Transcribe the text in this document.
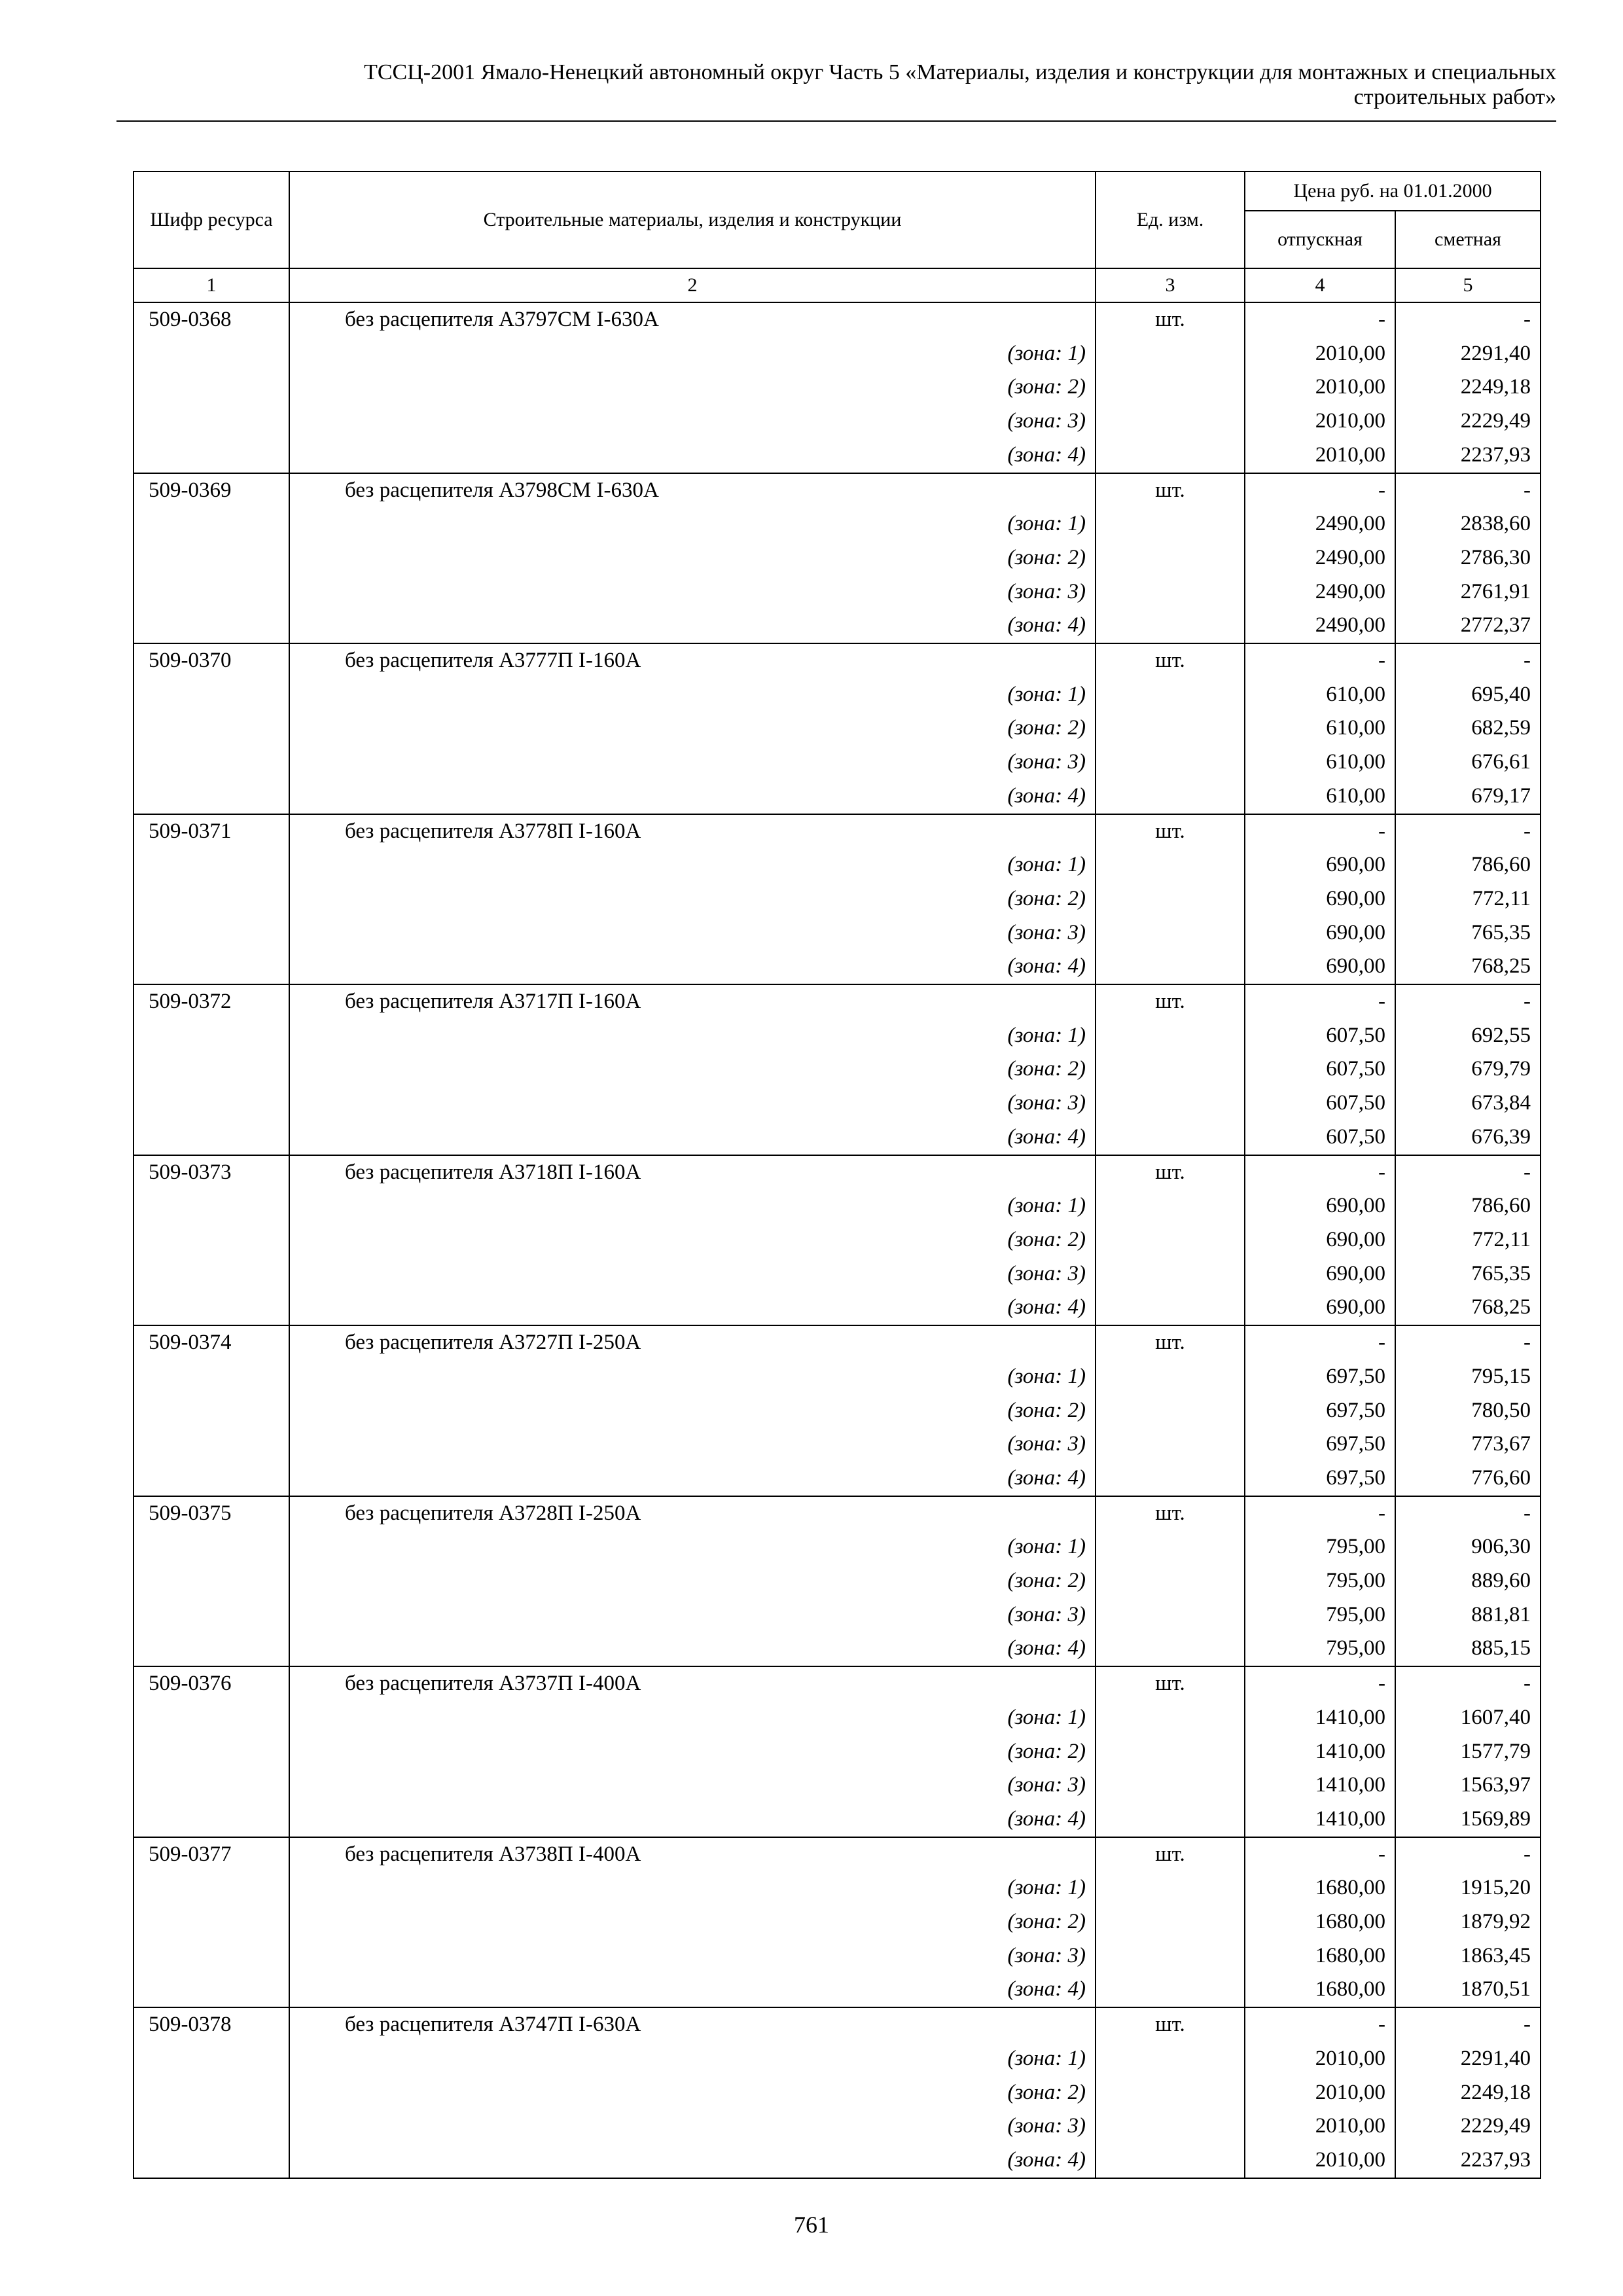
ТССЦ-2001 Ямало-Ненецкий автономный округ Часть 5 «Материалы, изделия и конструкции для монтажных и специальных
строительных работ»
Шифр ресурса	Строительные материалы, изделия и конструкции	Ед. изм.	Цена руб. на 01.01.2000	
			отпускная	сметная
1	2	3	4	5
509-0368	без расцепителя А3797СМ I-630А	шт.	-	-
	(зона: 1)		2010,00	2291,40
	(зона: 2)		2010,00	2249,18
	(зона: 3)		2010,00	2229,49
	(зона: 4)		2010,00	2237,93
509-0369	без расцепителя А3798СМ I-630А	шт.	-	-
	(зона: 1)		2490,00	2838,60
	(зона: 2)		2490,00	2786,30
	(зона: 3)		2490,00	2761,91
	(зона: 4)		2490,00	2772,37
509-0370	без расцепителя А3777П I-160А	шт.	-	-
	(зона: 1)		610,00	695,40
	(зона: 2)		610,00	682,59
	(зона: 3)		610,00	676,61
	(зона: 4)		610,00	679,17
509-0371	без расцепителя А3778П I-160А	шт.	-	-
	(зона: 1)		690,00	786,60
	(зона: 2)		690,00	772,11
	(зона: 3)		690,00	765,35
	(зона: 4)		690,00	768,25
509-0372	без расцепителя А3717П I-160А	шт.	-	-
	(зона: 1)		607,50	692,55
	(зона: 2)		607,50	679,79
	(зона: 3)		607,50	673,84
	(зона: 4)		607,50	676,39
509-0373	без расцепителя А3718П I-160А	шт.	-	-
	(зона: 1)		690,00	786,60
	(зона: 2)		690,00	772,11
	(зона: 3)		690,00	765,35
	(зона: 4)		690,00	768,25
509-0374	без расцепителя А3727П I-250А	шт.	-	-
	(зона: 1)		697,50	795,15
	(зона: 2)		697,50	780,50
	(зона: 3)		697,50	773,67
	(зона: 4)		697,50	776,60
509-0375	без расцепителя А3728П I-250А	шт.	-	-
	(зона: 1)		795,00	906,30
	(зона: 2)		795,00	889,60
	(зона: 3)		795,00	881,81
	(зона: 4)		795,00	885,15
509-0376	без расцепителя А3737П I-400А	шт.	-	-
	(зона: 1)		1410,00	1607,40
	(зона: 2)		1410,00	1577,79
	(зона: 3)		1410,00	1563,97
	(зона: 4)		1410,00	1569,89
509-0377	без расцепителя А3738П I-400А	шт.	-	-
	(зона: 1)		1680,00	1915,20
	(зона: 2)		1680,00	1879,92
	(зона: 3)		1680,00	1863,45
	(зона: 4)		1680,00	1870,51
509-0378	без расцепителя А3747П I-630А	шт.	-	-
	(зона: 1)		2010,00	2291,40
	(зона: 2)		2010,00	2249,18
	(зона: 3)		2010,00	2229,49
	(зона: 4)		2010,00	2237,93
761
